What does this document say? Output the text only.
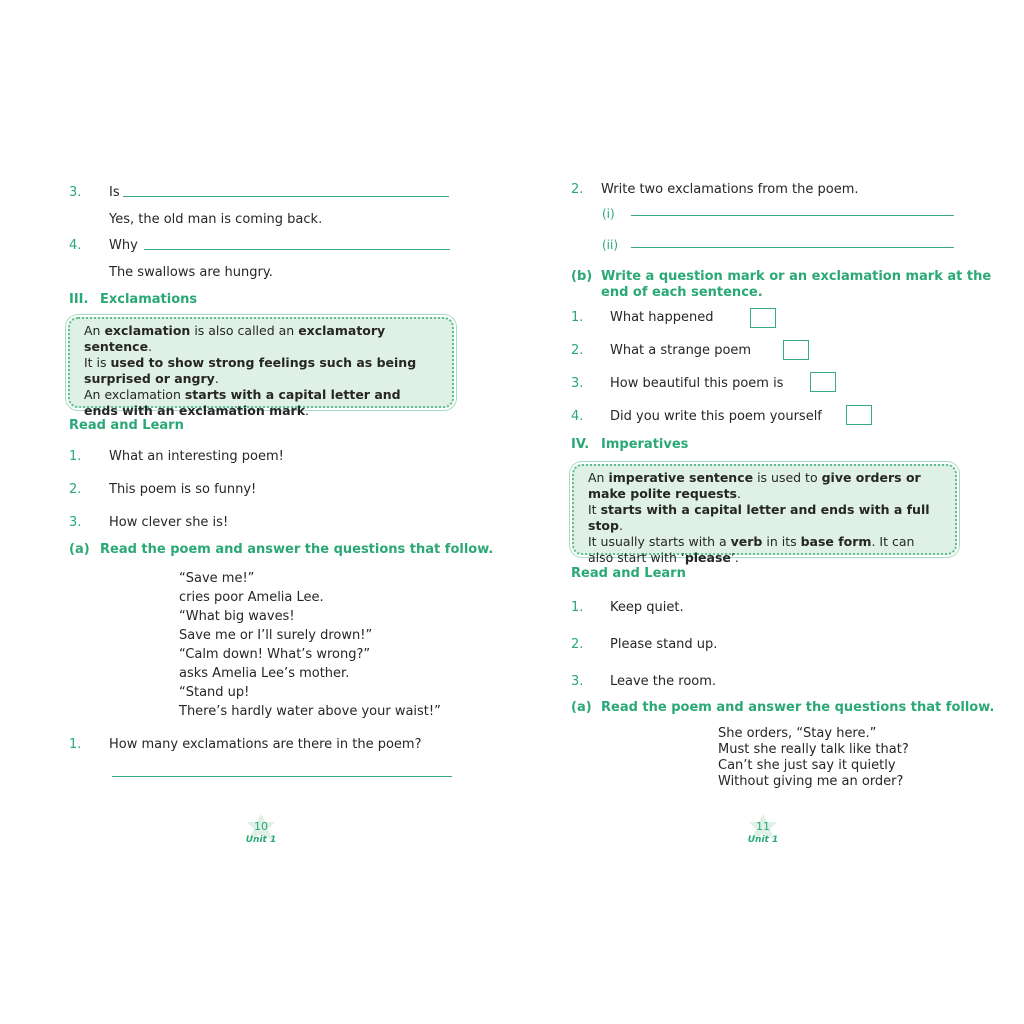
3. Is
Yes, the old man is coming back.
4. Why
The swallows are hungry.
III. Exclamations

An exclamation is also called an exclamatory sentence.

It is used to show strong feelings such as being surprised or angry.

An exclamation starts with a capital letter and ends with an exclamation mark.

Read and Learn
1. What an interesting poem!
2. This poem is so funny!
3. How clever she is!
(a) Read the poem and answer the questions that follow.
“Save me!”
cries poor Amelia Lee.
“What big waves!
Save me or I’ll surely drown!”
“Calm down! What’s wrong?”
asks Amelia Lee’s mother.
“Stand up!
There’s hardly water above your waist!”
1. How many exclamations are there in the poem?
10
Unit 1
2. Write two exclamations from the poem.
(i)
(ii)
(b) Write a question mark or an exclamation mark at the
end of each sentence.
1. What happened
2. What a strange poem
3. How beautiful this poem is
4. Did you write this poem yourself
IV. Imperatives

An imperative sentence is used to give orders or make polite requests.

It starts with a capital letter and ends with a full stop.

It usually starts with a verb in its base form. It can also start with ‘please’.

Read and Learn
1. Keep quiet.
2. Please stand up.
3. Leave the room.
(a) Read the poem and answer the questions that follow.
She orders, “Stay here.”
Must she really talk like that?
Can’t she just say it quietly
Without giving me an order?
11
Unit 1
